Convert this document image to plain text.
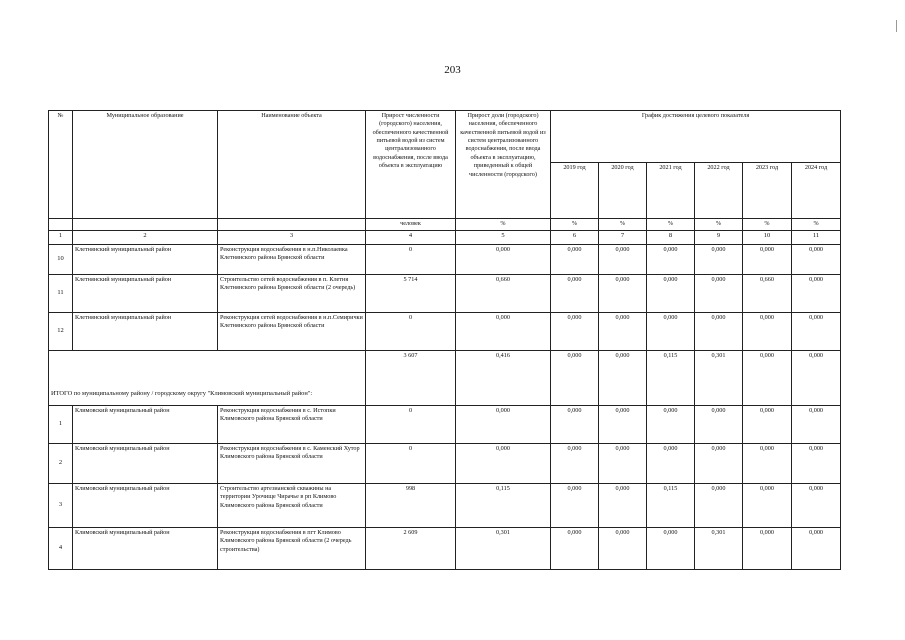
203
№	Муниципальное образование	Наименование объекта	Прирост численности (городского) населения, обеспеченного качественной питьевой водой из систем централизованного водоснабжения, после ввода объекта в эксплуатацию	Прирост доли (городского) населения, обеспеченного качественной питьевой водой из систем централизованного водоснабжения, после ввода объекта в эксплуатацию, приведенный к общей численности (городского)	График достижения целевого показателя					
					2019 год	2020 год	2021 год	2022 год	2023 год	2024 год
			человек	%	%	%	%	%	%	%
1	2	3	4	5	6	7	8	9	10	11
10	Клетнянский муниципальный район	Реконструкция водоснабжения в н.п.Николаевка Клетнянского района Брянской области	0	0,000	0,000	0,000	0,000	0,000	0,000	0,000
11	Клетнянский муниципальный район	Строительство сетей водоснабжения в п. Клетня Клетнянского района Брянской области (2 очередь)	5 714	0,660	0,000	0,000	0,000	0,000	0,660	0,000
12	Клетнянский муниципальный район	Реконструкция сетей водоснабжения в н.п.Семирички Клетнянского района Брянской области	0	0,000	0,000	0,000	0,000	0,000	0,000	0,000
ИТОГО по муниципальному району / городскому округу "Климовский муниципальный район":			3 607	0,416	0,000	0,000	0,115	0,301	0,000	0,000
1	Климовский муниципальный район	Реконструкция водоснабжения в с. Истопки Климовского района Брянской области	0	0,000	0,000	0,000	0,000	0,000	0,000	0,000
2	Климовский муниципальный район	Реконструкция водоснабжения в с. Каменский Хутор Климовского района Брянской области	0	0,000	0,000	0,000	0,000	0,000	0,000	0,000
3	Климовский муниципальный район	Строительство артезианской скважины на территории Урочище Чирачье в рп Климово Климовского района Брянской области	998	0,115	0,000	0,000	0,115	0,000	0,000	0,000
4	Климовский муниципальный район	Реконструкция водоснабжения в пгт Климово Климовского района Брянской области (2 очередь строительства)	2 609	0,301	0,000	0,000	0,000	0,301	0,000	0,000
